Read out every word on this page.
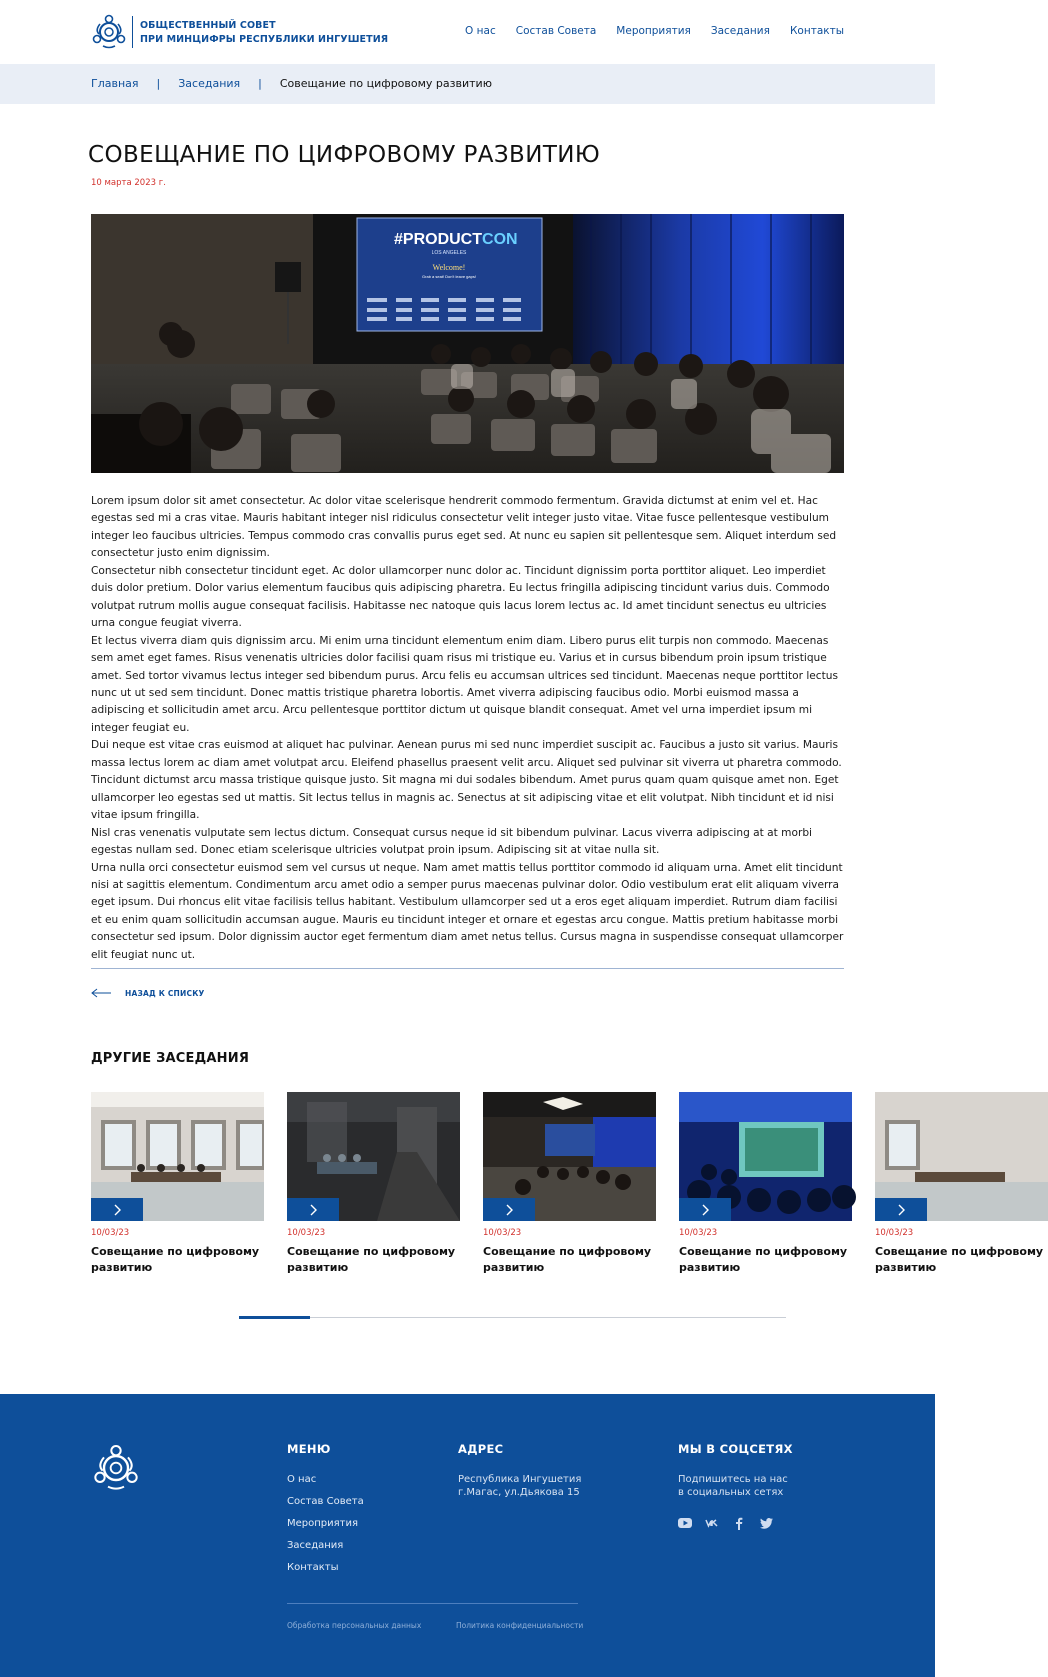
ОБЩЕСТВЕННЫЙ СОВЕТ
ПРИ МИНЦИФРЫ РЕСПУБЛИКИ ИНГУШЕТИЯ
О нас Состав Совета Мероприятия Заседания Контакты
Главная | Заседания | Совещание по цифровому развитию
СОВЕЩАНИЕ ПО ЦИФРОВОМУ РАЗВИТИЮ
10 марта 2023 г.
#PRODUCTCON
LOS ANGELES
Welcome!
Grab a seat! Don't leave gaps!

Lorem ipsum dolor sit amet consectetur. Ac dolor vitae scelerisque hendrerit commodo fermentum. Gravida dictumst at enim vel et. Hac egestas sed mi a cras vitae. Mauris habitant integer nisl ridiculus consectetur velit integer justo vitae. Vitae fusce pellentesque vestibulum integer leo faucibus ultricies. Tempus commodo cras convallis purus eget sed. At nunc eu sapien sit pellentesque sem. Aliquet interdum sed consectetur justo enim dignissim.

Consectetur nibh consectetur tincidunt eget. Ac dolor ullamcorper nunc dolor ac. Tincidunt dignissim porta porttitor aliquet. Leo imperdiet duis dolor pretium. Dolor varius elementum faucibus quis adipiscing pharetra. Eu lectus fringilla adipiscing tincidunt varius duis. Commodo volutpat rutrum mollis augue consequat facilisis. Habitasse nec natoque quis lacus lorem lectus ac. Id amet tincidunt senectus eu ultricies urna congue feugiat viverra.

Et lectus viverra diam quis dignissim arcu. Mi enim urna tincidunt elementum enim diam. Libero purus elit turpis non commodo. Maecenas sem amet eget fames. Risus venenatis ultricies dolor facilisi quam risus mi tristique eu. Varius et in cursus bibendum proin ipsum tristique amet. Sed tortor vivamus lectus integer sed bibendum purus. Arcu felis eu accumsan ultrices sed tincidunt. Maecenas neque porttitor lectus nunc ut ut sed sem tincidunt. Donec mattis tristique pharetra lobortis. Amet viverra adipiscing faucibus odio. Morbi euismod massa a adipiscing et sollicitudin amet arcu. Arcu pellentesque porttitor dictum ut quisque blandit consequat. Amet vel urna imperdiet ipsum mi integer feugiat eu.

Dui neque est vitae cras euismod at aliquet hac pulvinar. Aenean purus mi sed nunc imperdiet suscipit ac. Faucibus a justo sit varius. Mauris massa lectus lorem ac diam amet volutpat arcu. Eleifend phasellus praesent velit arcu. Aliquet sed pulvinar sit viverra ut pharetra commodo. Tincidunt dictumst arcu massa tristique quisque justo. Sit magna mi dui sodales bibendum. Amet purus quam quam quisque amet non. Eget ullamcorper leo egestas sed ut mattis. Sit lectus tellus in magnis ac. Senectus at sit adipiscing vitae et elit volutpat. Nibh tincidunt et id nisi vitae ipsum fringilla.

Nisl cras venenatis vulputate sem lectus dictum. Consequat cursus neque id sit bibendum pulvinar. Lacus viverra adipiscing at at morbi egestas nullam sed. Donec etiam scelerisque ultricies volutpat proin ipsum. Adipiscing sit at vitae nulla sit.

Urna nulla orci consectetur euismod sem vel cursus ut neque. Nam amet mattis tellus porttitor commodo id aliquam urna. Amet elit tincidunt nisi at sagittis elementum. Condimentum arcu amet odio a semper purus maecenas pulvinar dolor. Odio vestibulum erat elit aliquam viverra eget ipsum. Dui rhoncus elit vitae facilisis tellus habitant. Vestibulum ullamcorper sed ut a eros eget aliquam imperdiet. Rutrum diam facilisi et eu enim quam sollicitudin accumsan augue. Mauris eu tincidunt integer et ornare et egestas arcu congue. Mattis pretium habitasse morbi consectetur sed ipsum. Dolor dignissim auctor eget fermentum diam amet netus tellus. Cursus magna in suspendisse consequat ullamcorper elit feugiat nunc ut.

НАЗАД К СПИСКУ
ДРУГИЕ ЗАСЕДАНИЯ
10/03/23
Совещание по цифровому развитию
10/03/23
Совещание по цифровому развитию
10/03/23
Совещание по цифровому развитию
10/03/23
Совещание по цифровому развитию
10/03/23
Совещание по цифровому развитию
МЕНЮ
О нас
Состав Совета
Мероприятия
Заседания
Контакты
АДРЕС
Республика Ингушетия
г.Магас, ул.Дьякова 15
МЫ В СОЦСЕТЯХ
Подпишитесь на нас
в социальных сетях
Обработка персональных данных	Политика конфиденциальности
